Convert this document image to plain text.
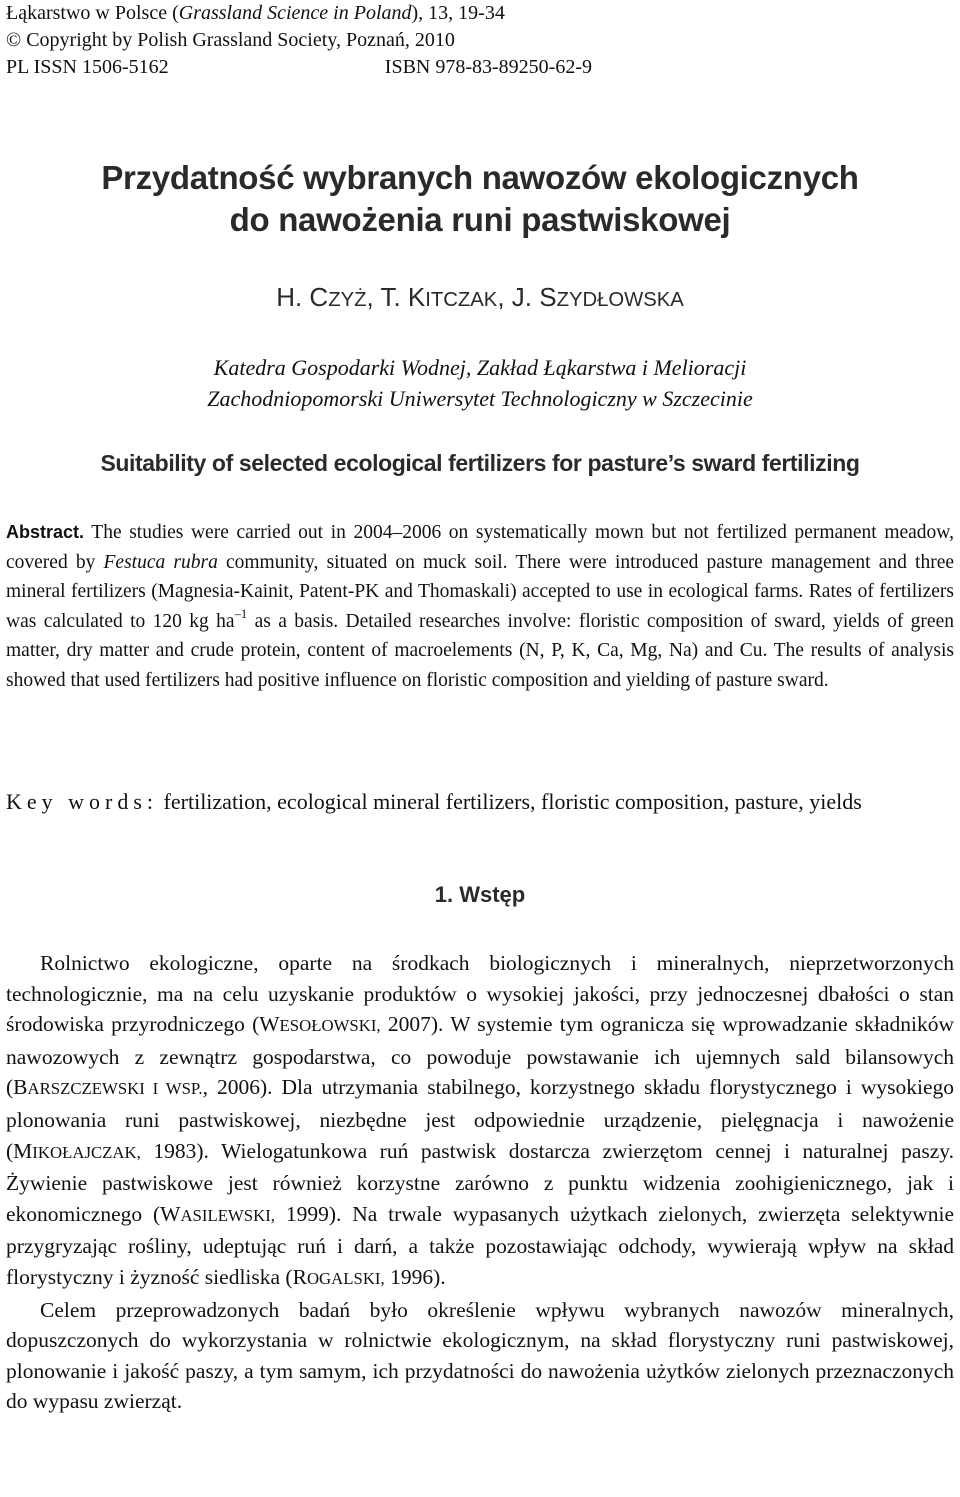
Łąkarstwo w Polsce (Grassland Science in Poland), 13, 19-34
© Copyright by Polish Grassland Society, Poznań, 2010
PL ISSN 1506-5162	ISBN 978-83-89250-62-9
Przydatność wybranych nawozów ekologicznych
do nawożenia runi pastwiskowej
H. CZYŻ, T. KITCZAK, J. SZYDŁOWSKA
Katedra Gospodarki Wodnej, Zakład Łąkarstwa i Melioracji
Zachodniopomorski Uniwersytet Technologiczny w Szczecinie
Suitability of selected ecological fertilizers for pasture’s sward fertilizing
Abstract. The studies were carried out in 2004–2006 on systematically mown but not fertilized permanent meadow, covered by Festuca rubra community, situated on muck soil. There were introduced pasture management and three mineral fertilizers (Magnesia-Kainit, Patent-PK and Thomaskali) accepted to use in ecological farms. Rates of fertilizers was calculated to 120 kg $ha^{-1}$ as a basis. Detailed researches involve: floristic composition of sward, yields of green matter, dry matter and crude protein, content of macroelements (N, P, K, Ca, Mg, Na) and Cu. The results of analysis showed that used fertilizers had positive influence on floristic composition and yielding of pasture sward.
Key words: fertilization, ecological mineral fertilizers, floristic composition, pasture, yields
1. Wstęp

Rolnictwo ekologiczne, oparte na środkach biologicznych i mineralnych, nieprzetworzonych technologicznie, ma na celu uzyskanie produktów o wysokiej jakości, przy jednoczesnej dbałości o stan środowiska przyrodniczego (WESOŁOWSKI, 2007). W systemie tym ogranicza się wprowadzanie składników nawozowych z zewnątrz gospodarstwa, co powoduje powstawanie ich ujemnych sald bilansowych (BARSZCZEWSKI I WSP., 2006). Dla utrzymania stabilnego, korzystnego składu florystycznego i wysokiego plonowania runi pastwiskowej, niezbędne jest odpowiednie urządzenie, pielęgnacja i nawożenie (MIKOŁAJCZAK, 1983). Wielogatunkowa ruń pastwisk dostarcza zwierzętom cennej i naturalnej paszy. Żywienie pastwiskowe jest również korzystne zarówno z punktu widzenia zoohigienicznego, jak i ekonomicznego (WASILEWSKI, 1999). Na trwale wypasanych użytkach zielonych, zwierzęta selektywnie przygryzając rośliny, udeptując ruń i darń, a także pozostawiając odchody, wywierają wpływ na skład florystyczny i żyzność siedliska (ROGALSKI, 1996).

Celem przeprowadzonych badań było określenie wpływu wybranych nawozów mineralnych, dopuszczonych do wykorzystania w rolnictwie ekologicznym, na skład florystyczny runi pastwiskowej, plonowanie i jakość paszy, a tym samym, ich przydatności do nawożenia użytków zielonych przeznaczonych do wypasu zwierząt.
